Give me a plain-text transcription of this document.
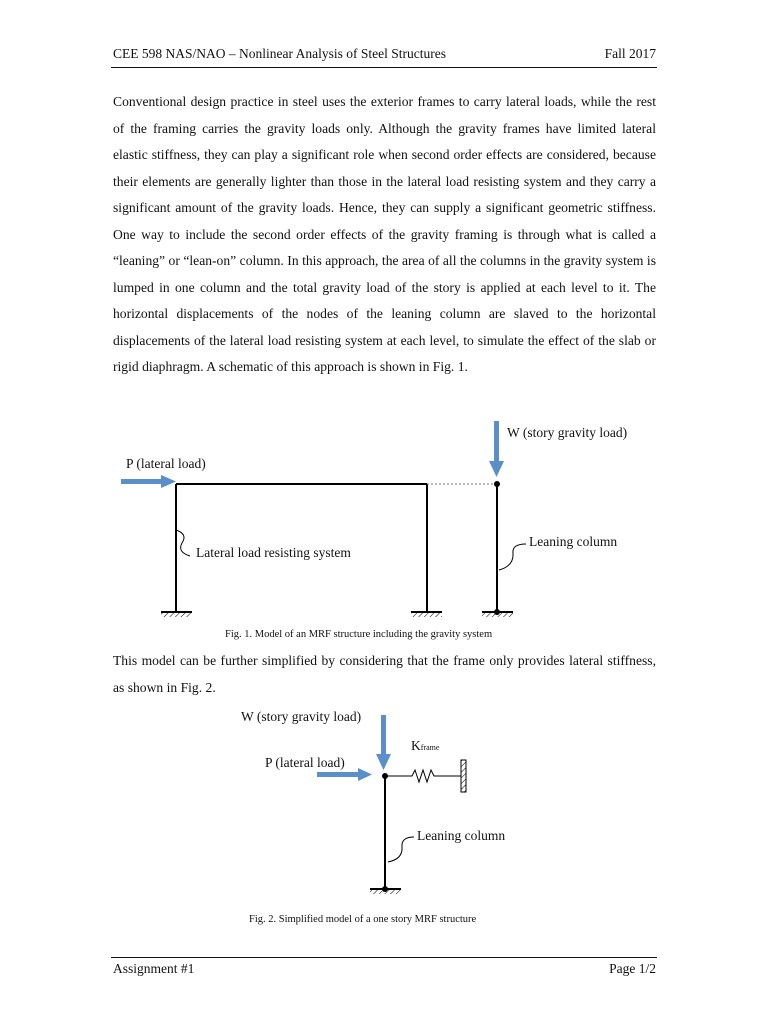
CEE 598 NAS/NAO – Nonlinear Analysis of Steel Structures	Fall 2017

Conventional design practice in steel uses the exterior frames to carry lateral loads, while the rest of the framing carries the gravity loads only. Although the gravity frames have limited lateral elastic stiffness, they can play a significant role when second order effects are considered, because their elements are generally lighter than those in the lateral load resisting system and they carry a significant amount of the gravity loads. Hence, they can supply a significant geometric stiffness. One way to include the second order effects of the gravity framing is through what is called a “leaning” or “lean-on” column. In this approach, the area of all the columns in the gravity system is lumped in one column and the total gravity load of the story is applied at each level to it. The horizontal displacements of the nodes of the leaning column are slaved to the horizontal displacements of the lateral load resisting system at each level, to simulate the effect of the slab or rigid diaphragm. A schematic of this approach is shown in Fig. 1.

W (story gravity load)
P (lateral load)
Lateral load resisting system
Leaning column
Fig. 1. Model of an MRF structure including the gravity system

This model can be further simplified by considering that the frame only provides lateral stiffness, as shown in Fig. 2.

W (story gravity load)
P (lateral load)
Kframe
Leaning column
Fig. 2. Simplified model of a one story MRF structure
Assignment #1	Page 1/2
